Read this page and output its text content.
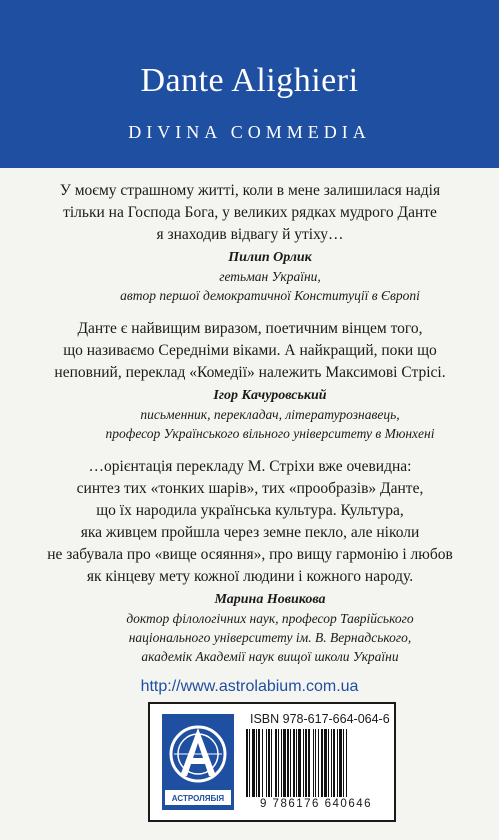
Dante Alighieri
DIVINA COMMEDIA

У моєму страшному житті, коли в мене залишилася надія

тільки на Господа Бога, у великих рядках мудрого Данте

я знаходив відвагу й утіху…

Пилип Орлик
гетьман України,
автор першої демократичної Конституції в Європі

Данте є найвищим виразом, поетичним вінцем того,

що називаємо Середніми віками. А найкращий, поки що

неповний, переклад «Комедії» належить Максимові Стрісі.

Ігор Качуровський
письменник, перекладач, літературознавець,
професор Українського вільного університету в Мюнхені

…орієнтація перекладу М. Стріхи вже очевидна:

синтез тих «тонких шарів», тих «прообразів» Данте,

що їх народила українська культура. Культура,

яка живцем пройшла через земне пекло, але ніколи

не забувала про «вище осяяння», про вищу гармонію і любов

як кінцеву мету кожної людини і кожного народу.

Марина Новикова
доктор філологічних наук, професор Таврійського
національного університету ім. В. Вернадського,
академік Академії наук вищої школи України
http://www.astrolabium.com.ua
АСТРОЛЯБІЯ
ISBN 978-617-664-064-6
9 786176 640646
